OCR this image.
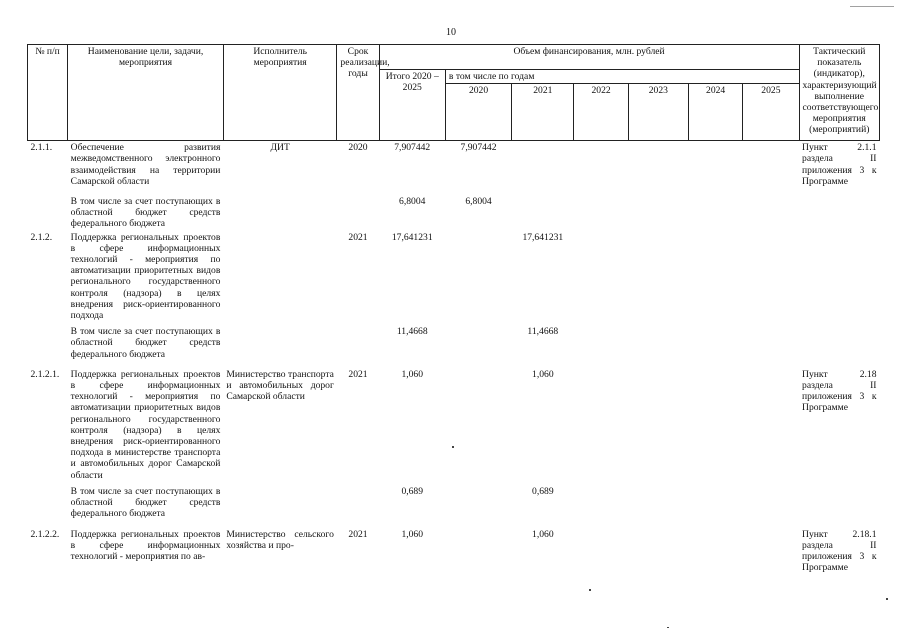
10
№ п/п	Наименование цели, задачи, мероприятия	Исполнитель мероприятия	Срок реализации, годы	Объем финансирования, млн. рублей							Тактический показатель (индикатор), характеризующий выполнение соответствующего мероприятия (мероприятий)
				Итого 2020 – 2025	в том числе по годам						
					2020	2021	2022	2023	2024	2025	
2.1.1.	Обеспечение развития межведомственного электронного взаимодействия на территории Самарской области	ДИТ	2020	7,907442	7,907442						Пункт 2.1.1 раздела II приложения 3 к Программе
	В том числе за счет поступающих в областной бюджет средств федерального бюджета			6,8004	6,8004						
2.1.2.	Поддержка региональных проектов в сфере информационных технологий - мероприятия по автоматизации приоритетных видов регионального государственного контроля (надзора) в целях внедрения риск-ориентированного подхода		2021	17,641231		17,641231					
	В том числе за счет поступающих в областной бюджет средств федерального бюджета			11,4668		11,4668					
2.1.2.1.	Поддержка региональных проектов в сфере информационных технологий - мероприятия по автоматизации приоритетных видов регионального государственного контроля (надзора) в целях внедрения риск-ориентированного подхода в министерстве транспорта и автомобильных дорог Самарской области	Министерство транспорта и автомобильных дорог Самарской области	2021	1,060		1,060					Пункт 2.18 раздела II приложения 3 к Программе
	В том числе за счет поступающих в областной бюджет средств федерального бюджета			0,689		0,689					
2.1.2.2.	Поддержка региональных проектов в сфере информационных технологий - мероприятия по ав-	Министерство сельского хозяйства и про-	2021	1,060		1,060					Пункт 2.18.1 раздела II приложения 3 к Программе
